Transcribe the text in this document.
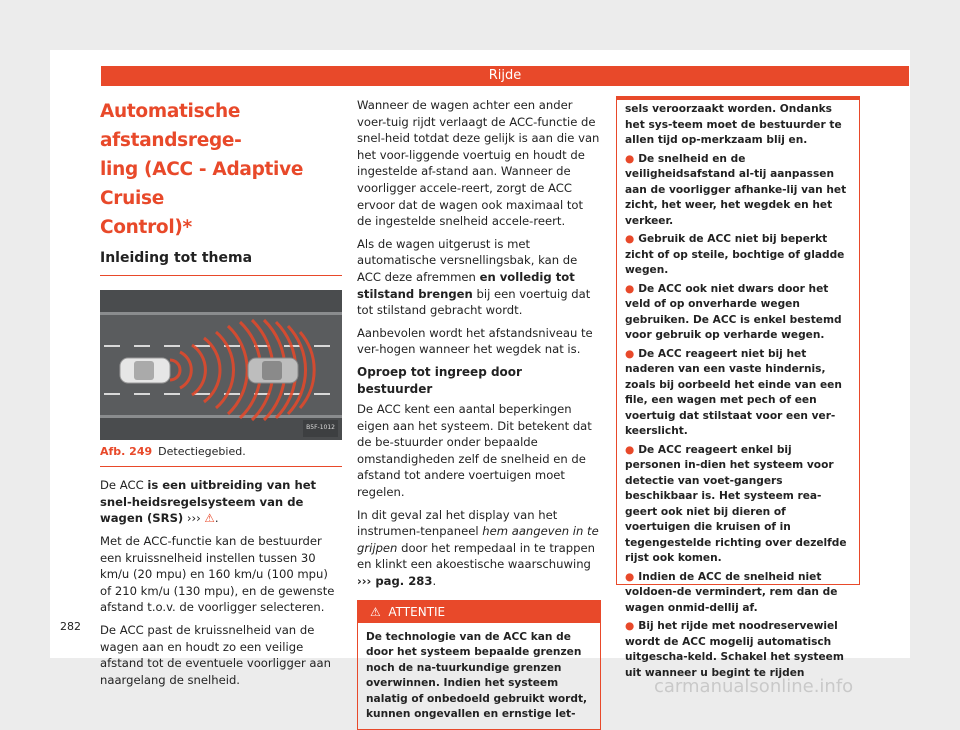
Rijde
Automatische afstandsrege-
ling (ACC - Adaptive Cruise
Control)*
Inleiding tot thema
B5F-1012
Afb. 249 Detectiegebied.

De ACC is een uitbreiding van het snel-heidsregelsysteem van de wagen (SRS) ››› ⚠.

Met de ACC-functie kan de bestuurder een kruissnelheid instellen tussen 30 km/u (20 mpu) en 160 km/u (100 mpu) of 210 km/u (130 mpu), en de gewenste afstand t.o.v. de voorligger selecteren.

De ACC past de kruissnelheid van de wagen aan en houdt zo een veilige afstand tot de eventuele voorligger aan naargelang de snelheid.

Wanneer de wagen achter een ander voer-tuig rijdt verlaagt de ACC-functie de snel-heid totdat deze gelijk is aan die van het voor-liggende voertuig en houdt de ingestelde af-stand aan. Wanneer de voorligger accele-reert, zorgt de ACC ervoor dat de wagen ook maximaal tot de ingestelde snelheid accele-reert.

Als de wagen uitgerust is met automatische versnellingsbak, kan de ACC deze afremmen en volledig tot stilstand brengen bij een voertuig dat tot stilstand gebracht wordt.

Aanbevolen wordt het afstandsniveau te ver-hogen wanneer het wegdek nat is.

Oproep tot ingreep door bestuurder

De ACC kent een aantal beperkingen eigen aan het systeem. Dit betekent dat de be-stuurder onder bepaalde omstandigheden zelf de snelheid en de afstand tot andere voertuigen moet regelen.

In dit geval zal het display van het instrumen-tenpaneel hem aangeven in te grijpen door het rempedaal in te trappen en klinkt een akoestische waarschuwing ››› pag. 283.

⚠ ATTENTIE
De technologie van de ACC kan de door het systeem bepaalde grenzen noch de na-tuurkundige grenzen overwinnen. Indien het systeem nalatig of onbedoeld gebruikt wordt, kunnen ongevallen en ernstige let-

sels veroorzaakt worden. Ondanks het sys-teem moet de bestuurder te allen tijd op-merkzaam blij en.

● De snelheid en de veiligheidsafstand al-tij aanpassen aan de voorligger afhanke-lij van het zicht, het weer, het wegdek en het verkeer.

● Gebruik de ACC niet bij beperkt zicht of op steile, bochtige of gladde wegen.

● De ACC ook niet dwars door het veld of op onverharde wegen gebruiken. De ACC is enkel bestemd voor gebruik op verharde wegen.

● De ACC reageert niet bij het naderen van een vaste hindernis, zoals bij oorbeeld het einde van een file, een wagen met pech of een voertuig dat stilstaat voor een ver-keerslicht.

● De ACC reageert enkel bij personen in-dien het systeem voor detectie van voet-gangers beschikbaar is. Het systeem rea-geert ook niet bij dieren of voertuigen die kruisen of in tegengestelde richting over dezelfde rijst ook komen.

● Indien de ACC de snelheid niet voldoen-de vermindert, rem dan de wagen onmid-dellij af.

● Bij het rijde met noodreservewiel wordt de ACC mogelij automatisch uitgescha-keld. Schakel het systeem uit wanneer u begint te rijden

282
carmanualsonline.info
